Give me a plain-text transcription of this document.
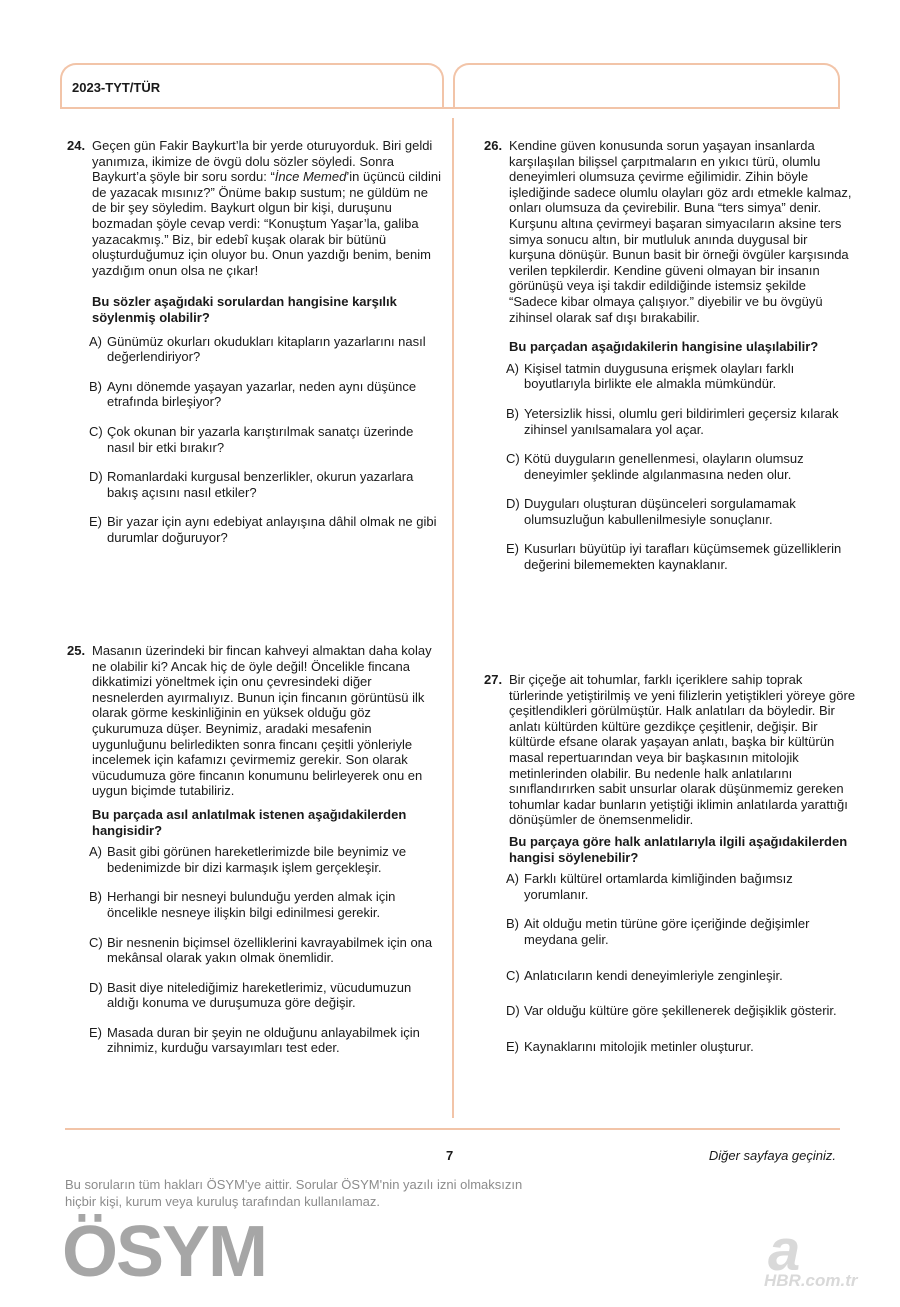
2023-TYT/TÜR
24. Geçen gün Fakir Baykurt’la bir yerde oturuyorduk. Biri geldi yanımıza, ikimize de övgü dolu sözler söyledi. Sonra Baykurt’a şöyle bir soru sordu: “İnce Memed’in üçüncü cildini de yazacak mısınız?” Önüme bakıp sustum; ne güldüm ne de bir şey söyledim. Baykurt olgun bir kişi, duruşunu bozmadan şöyle cevap verdi: “Konuştum Yaşar’la, galiba yazacakmış.” Biz, bir edebî kuşak olarak bir bütünü oluşturduğumuz için oluyor bu. Onun yazdığı benim, benim yazdığım onun olsa ne çıkar!
Bu sözler aşağıdaki sorulardan hangisine karşılık söylenmiş olabilir?
A) Günümüz okurları okudukları kitapların yazarlarını nasıl değerlendiriyor?
B) Aynı dönemde yaşayan yazarlar, neden aynı düşünce etrafında birleşiyor?
C) Çok okunan bir yazarla karıştırılmak sanatçı üzerinde nasıl bir etki bırakır?
D) Romanlardaki kurgusal benzerlikler, okurun yazarlara bakış açısını nasıl etkiler?
E) Bir yazar için aynı edebiyat anlayışına dâhil olmak ne gibi durumlar doğuruyor?
25. Masanın üzerindeki bir fincan kahveyi almaktan daha kolay ne olabilir ki? Ancak hiç de öyle değil! Öncelikle fincana dikkatimizi yöneltmek için onu çevresindeki diğer nesnelerden ayırmalıyız. Bunun için fincanın görüntüsü ilk olarak görme keskinliğinin en yüksek olduğu göz çukurumuza düşer. Beynimiz, aradaki mesafenin uygunluğunu belirledikten sonra fincanı çeşitli yönleriyle incelemek için kafamızı çevirmemiz gerekir. Son olarak vücudumuza göre fincanın konumunu belirleyerek onu en uygun biçimde tutabiliriz.
Bu parçada asıl anlatılmak istenen aşağıdakilerden hangisidir?
A) Basit gibi görünen hareketlerimizde bile beynimiz ve bedenimizde bir dizi karmaşık işlem gerçekleşir.
B) Herhangi bir nesneyi bulunduğu yerden almak için öncelikle nesneye ilişkin bilgi edinilmesi gerekir.
C) Bir nesnenin biçimsel özelliklerini kavrayabilmek için ona mekânsal olarak yakın olmak önemlidir.
D) Basit diye nitelediğimiz hareketlerimiz, vücudumuzun aldığı konuma ve duruşumuza göre değişir.
E) Masada duran bir şeyin ne olduğunu anlayabilmek için zihnimiz, kurduğu varsayımları test eder.
26. Kendine güven konusunda sorun yaşayan insanlarda karşılaşılan bilişsel çarpıtmaların en yıkıcı türü, olumlu deneyimleri olumsuza çevirme eğilimidir. Zihin böyle işlediğinde sadece olumlu olayları göz ardı etmekle kalmaz, onları olumsuza da çevirebilir. Buna “ters simya” denir. Kurşunu altına çevirmeyi başaran simyacıların aksine ters simya sonucu altın, bir mutluluk anında duygusal bir kurşuna dönüşür. Bunun basit bir örneği övgüler karşısında verilen tepkilerdir. Kendine güveni olmayan bir insanın görünüşü veya işi takdir edildiğinde istemsiz şekilde “Sadece kibar olmaya çalışıyor.” diyebilir ve bu övgüyü zihinsel olarak saf dışı bırakabilir.
Bu parçadan aşağıdakilerin hangisine ulaşılabilir?
A) Kişisel tatmin duygusuna erişmek olayları farklı boyutlarıyla birlikte ele almakla mümkündür.
B) Yetersizlik hissi, olumlu geri bildirimleri geçersiz kılarak zihinsel yanılsamalara yol açar.
C) Kötü duyguların genellenmesi, olayların olumsuz deneyimler şeklinde algılanmasına neden olur.
D) Duyguları oluşturan düşünceleri sorgulamamak olumsuzluğun kabullenilmesiyle sonuçlanır.
E) Kusurları büyütüp iyi tarafları küçümsemek güzelliklerin değerini bilememekten kaynaklanır.
27. Bir çiçeğe ait tohumlar, farklı içeriklere sahip toprak türlerinde yetiştirilmiş ve yeni filizlerin yetiştikleri yöreye göre çeşitlendikleri görülmüştür. Halk anlatıları da böyledir. Bir anlatı kültürden kültüre gezdikçe çeşitlenir, değişir. Bir kültürde efsane olarak yaşayan anlatı, başka bir kültürün masal repertuarından veya bir başkasının mitolojik metinlerinden olabilir. Bu nedenle halk anlatılarını sınıflandırırken sabit unsurlar olarak düşünmemiz gereken tohumlar kadar bunların yetiştiği iklimin anlatılarda yarattığı dönüşümler de önemsenmelidir.
Bu parçaya göre halk anlatılarıyla ilgili aşağıdakilerden hangisi söylenebilir?
A) Farklı kültürel ortamlarda kimliğinden bağımsız yorumlanır.
B) Ait olduğu metin türüne göre içeriğinde değişimler meydana gelir.
C) Anlatıcıların kendi deneyimleriyle zenginleşir.
D) Var olduğu kültüre göre şekillenerek değişiklik gösterir.
E) Kaynaklarını mitolojik metinler oluşturur.
7	Diğer sayfaya geçiniz.
Bu soruların tüm hakları ÖSYM'ye aittir. Sorular ÖSYM'nin yazılı izni olmaksızın
hiçbir kişi, kurum veya kuruluş tarafından kullanılamaz.
ÖSYM	a
HBR.com.tr
